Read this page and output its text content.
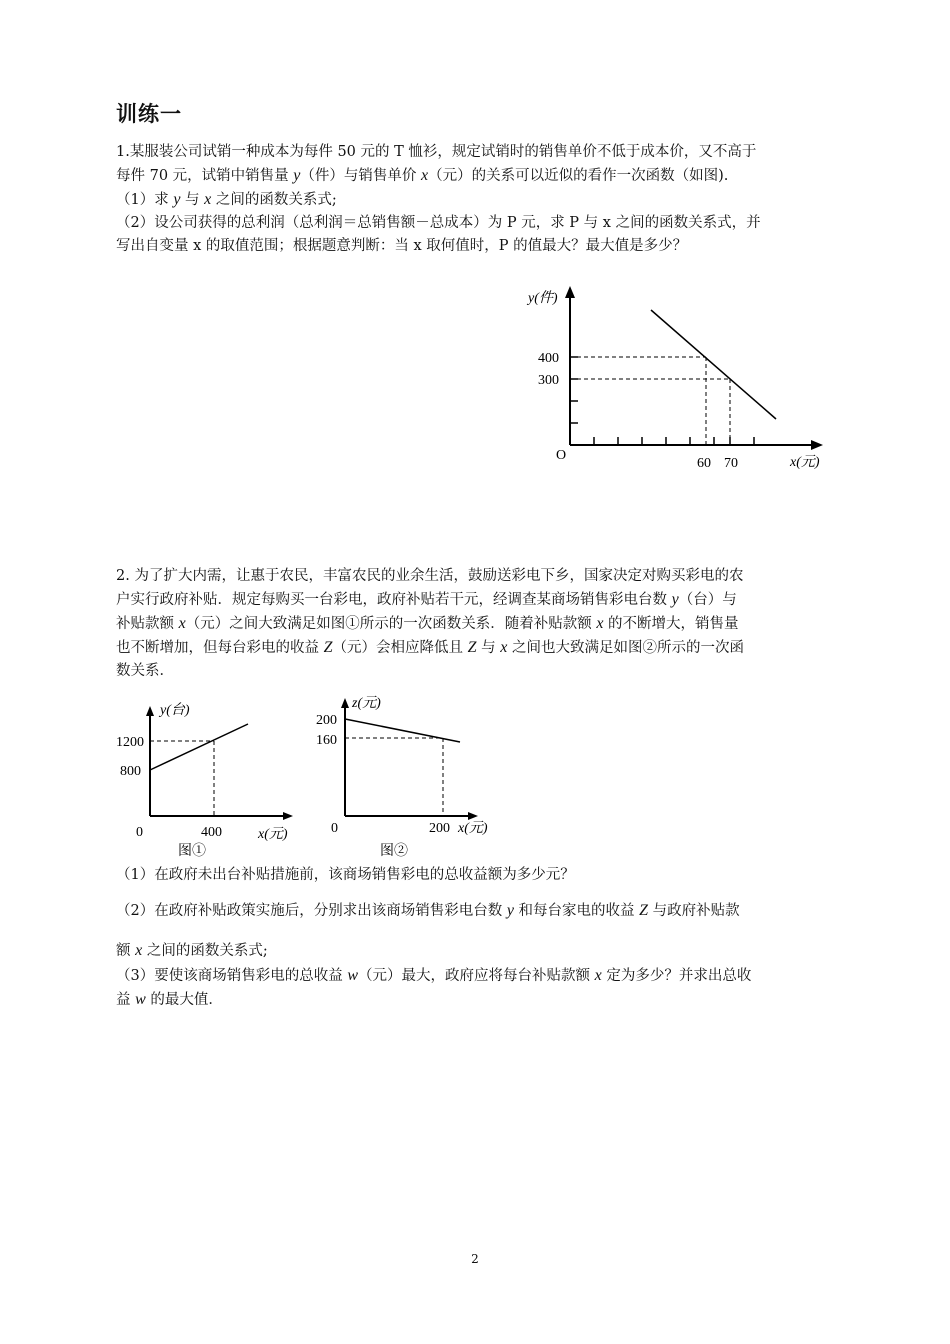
训练一
1.某服装公司试销一种成本为每件 50 元的 T 恤衫，规定试销时的销售单价不低于成本价，又不高于
每件 70 元，试销中销售量 y（件）与销售单价 x（元）的关系可以近似的看作一次函数（如图).
（1）求 y 与 x 之间的函数关系式;
（2）设公司获得的总利润（总利润＝总销售额－总成本）为 P 元，求 P 与 x 之间的函数关系式，并
写出自变量 x 的取值范围；根据题意判断：当 x 取何值时，P 的值最大？最大值是多少？
y(件)
400
300
O
60 70	x(元)
2. 为了扩大内需，让惠于农民，丰富农民的业余生活，鼓励送彩电下乡，国家决定对购买彩电的农
户实行政府补贴．规定每购买一台彩电，政府补贴若干元，经调查某商场销售彩电台数 y（台）与
补贴款额 x（元）之间大致满足如图①所示的一次函数关系．随着补贴款额 x 的不断增大，销售量
也不断增加，但每台彩电的收益 Z（元）会相应降低且 Z 与 x 之间也大致满足如图②所示的一次函
数关系．
y(台)
1200
800
0	400	x(元)
图①
z(元)
200
160
0	200 x(元)
图②
（1）在政府未出台补贴措施前，该商场销售彩电的总收益额为多少元？
（2）在政府补贴政策实施后，分别求出该商场销售彩电台数 y 和每台家电的收益 Z 与政府补贴款
额 x 之间的函数关系式;
（3）要使该商场销售彩电的总收益 w（元）最大，政府应将每台补贴款额 x 定为多少？并求出总收
益 w 的最大值．
2
